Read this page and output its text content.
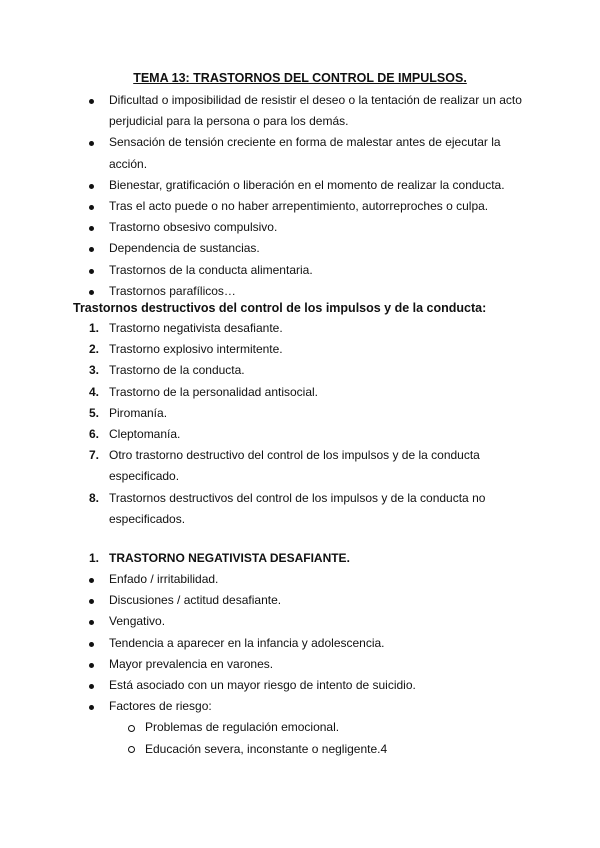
TEMA 13: TRASTORNOS DEL CONTROL DE IMPULSOS.
Dificultad o imposibilidad de resistir el deseo o la tentación de realizar un acto perjudicial para la persona o para los demás.
Sensación de tensión creciente en forma de malestar antes de ejecutar la acción.
Bienestar, gratificación o liberación en el momento de realizar la conducta.
Tras el acto puede o no haber arrepentimiento, autorreproches o culpa.
Trastorno obsesivo compulsivo.
Dependencia de sustancias.
Trastornos de la conducta alimentaria.
Trastornos parafílicos…
Trastornos destructivos del control de los impulsos y de la conducta:
1. Trastorno negativista desafiante.
2. Trastorno explosivo intermitente.
3. Trastorno de la conducta.
4. Trastorno de la personalidad antisocial.
5. Piromanía.
6. Cleptomanía.
7. Otro trastorno destructivo del control de los impulsos y de la conducta especificado.
8. Trastornos destructivos del control de los impulsos y de la conducta no especificados.
1. TRASTORNO NEGATIVISTA DESAFIANTE.
Enfado / irritabilidad.
Discusiones / actitud desafiante.
Vengativo.
Tendencia a aparecer en la infancia y adolescencia.
Mayor prevalencia en varones.
Está asociado con un mayor riesgo de intento de suicidio.
Factores de riesgo:
Problemas de regulación emocional.
Educación severa, inconstante o negligente.4
